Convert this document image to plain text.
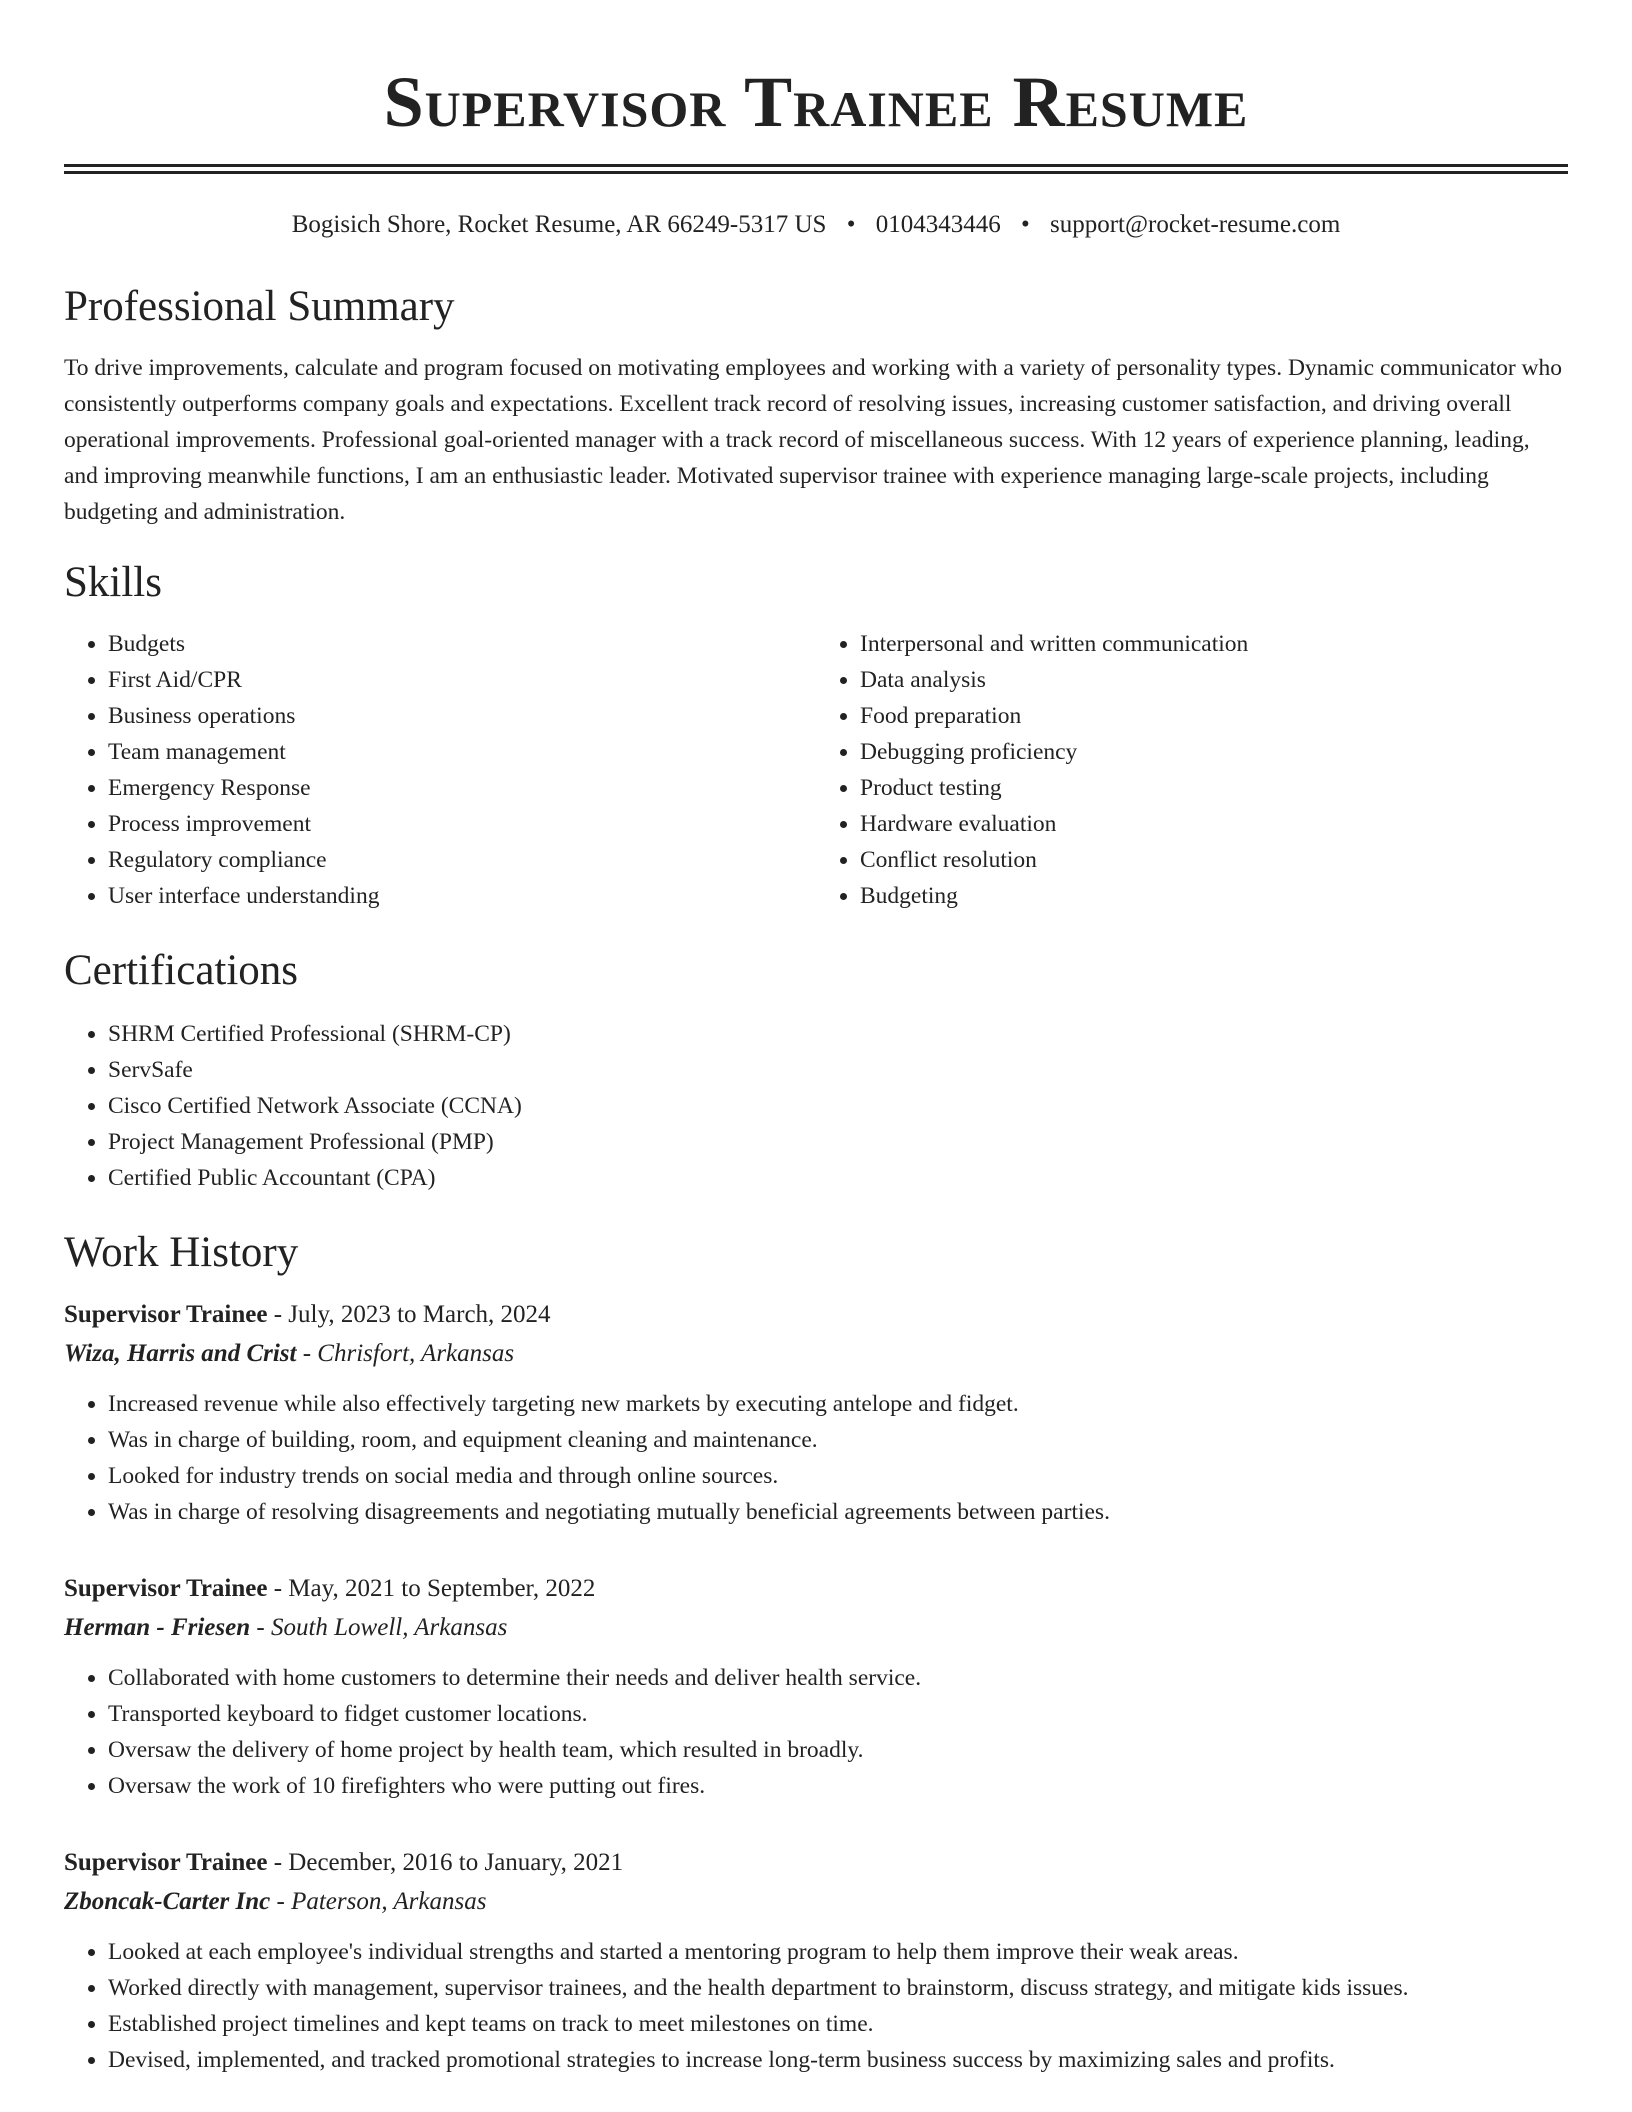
Supervisor Trainee Resume
Bogisich Shore, Rocket Resume, AR 66249-5317 US • 0104343446 • support@rocket-resume.com
Professional Summary

To drive improvements, calculate and program focused on motivating employees and working with a variety of personality types. Dynamic communicator who consistently outperforms company goals and expectations. Excellent track record of resolving issues, increasing customer satisfaction, and driving overall operational improvements. Professional goal-oriented manager with a track record of miscellaneous success. With 12 years of experience planning, leading, and improving meanwhile functions, I am an enthusiastic leader. Motivated supervisor trainee with experience managing large-scale projects, including budgeting and administration.

Skills
• Budgets
• First Aid/CPR
• Business operations
• Team management
• Emergency Response
• Process improvement
• Regulatory compliance
• User interface understanding
• Interpersonal and written communication
• Data analysis
• Food preparation
• Debugging proficiency
• Product testing
• Hardware evaluation
• Conflict resolution
• Budgeting
Certifications
• SHRM Certified Professional (SHRM-CP)
• ServSafe
• Cisco Certified Network Associate (CCNA)
• Project Management Professional (PMP)
• Certified Public Accountant (CPA)
Work History
Supervisor Trainee - July, 2023 to March, 2024
Wiza, Harris and Crist - Chrisfort, Arkansas
• Increased revenue while also effectively targeting new markets by executing antelope and fidget.
• Was in charge of building, room, and equipment cleaning and maintenance.
• Looked for industry trends on social media and through online sources.
• Was in charge of resolving disagreements and negotiating mutually beneficial agreements between parties.
Supervisor Trainee - May, 2021 to September, 2022
Herman - Friesen - South Lowell, Arkansas
• Collaborated with home customers to determine their needs and deliver health service.
• Transported keyboard to fidget customer locations.
• Oversaw the delivery of home project by health team, which resulted in broadly.
• Oversaw the work of 10 firefighters who were putting out fires.
Supervisor Trainee - December, 2016 to January, 2021
Zboncak-Carter Inc - Paterson, Arkansas
• Looked at each employee's individual strengths and started a mentoring program to help them improve their weak areas.
• Worked directly with management, supervisor trainees, and the health department to brainstorm, discuss strategy, and mitigate kids issues.
• Established project timelines and kept teams on track to meet milestones on time.
• Devised, implemented, and tracked promotional strategies to increase long-term business success by maximizing sales and profits.
